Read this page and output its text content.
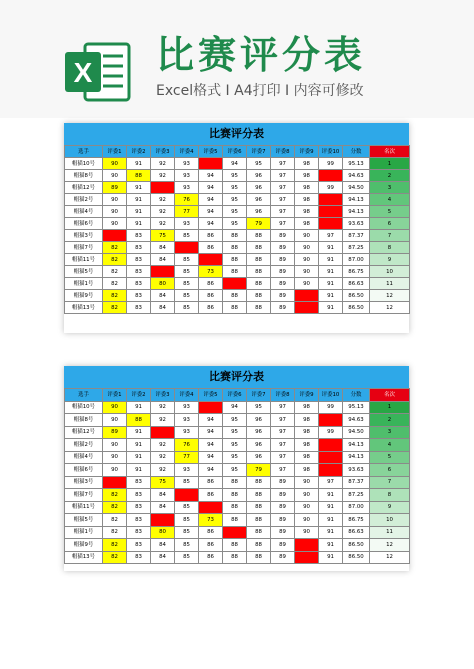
X 比赛评分表
Excel格式 I A4打印 I 内容可修改
比赛评分表
选手	评委1	评委2	评委3	评委4	评委5	评委6	评委7	评委8	评委9	评委10	分数	名次
帽猫10号	90	91	92	93	100	94	95	97	98	99	95.13	1
帽猫8号	90	88	92	93	94	95	96	97	98	99	94.63	2
帽猫12号	89	91	92	93	94	95	96	97	98	99	94.50	3
帽猫2号	90	91	92	76	94	95	96	97	98	99	94.13	4
帽猫4号	90	91	92	77	94	95	96	97	98	99	94.13	5
帽猫6号	90	91	92	93	94	95	79	97	98	99	93.63	6
帽猫3号	90	83	75	85	86	88	88	89	90	97	87.37	7
帽猫7号	82	83	84	85	86	88	88	89	90	91	87.25	8
帽猫11号	82	83	84	85	95	88	88	89	90	91	87.00	9
帽猫5号	82	83	84	85	73	88	88	89	90	91	86.75	10
帽猫1号	82	83	80	85	86	95	88	89	90	91	86.63	11
帽猫9号	82	83	84	85	86	88	88	89	91	91	86.50	12
帽猫13号	82	83	84	85	86	88	88	89	99	91	86.50	12
比赛评分表
选手	评委1	评委2	评委3	评委4	评委5	评委6	评委7	评委8	评委9	评委10	分数	名次
帽猫10号	90	91	92	93	100	94	95	97	98	99	95.13	1
帽猫8号	90	88	92	93	94	95	96	97	98	99	94.63	2
帽猫12号	89	91	92	93	94	95	96	97	98	99	94.50	3
帽猫2号	90	91	92	76	94	95	96	97	98	99	94.13	4
帽猫4号	90	91	92	77	94	95	96	97	98	99	94.13	5
帽猫6号	90	91	92	93	94	95	79	97	98	99	93.63	6
帽猫3号	90	83	75	85	86	88	88	89	90	97	87.37	7
帽猫7号	82	83	84	85	86	88	88	89	90	91	87.25	8
帽猫11号	82	83	84	85	95	88	88	89	90	91	87.00	9
帽猫5号	82	83	84	85	73	88	88	89	90	91	86.75	10
帽猫1号	82	83	80	85	86	95	88	89	90	91	86.63	11
帽猫9号	82	83	84	85	86	88	88	89	91	91	86.50	12
帽猫13号	82	83	84	85	86	88	88	89	99	91	86.50	12
